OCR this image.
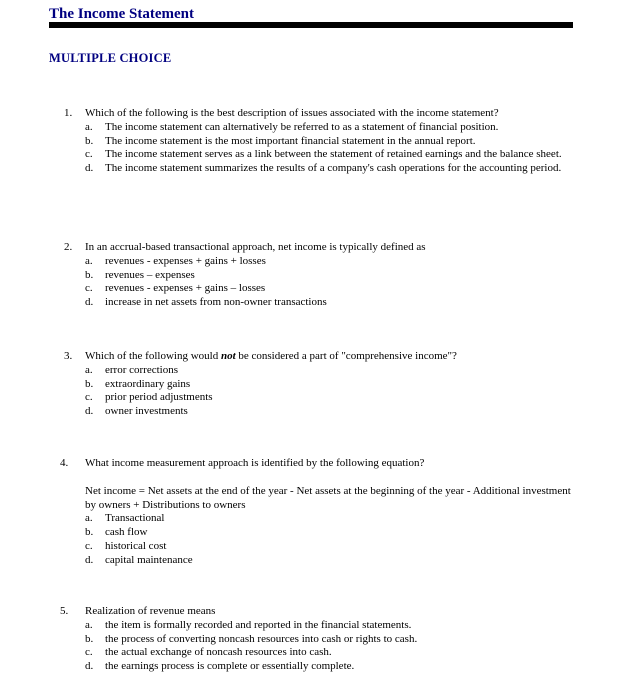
The Income Statement
MULTIPLE CHOICE
1. Which of the following is the best description of issues associated with the income statement?
a. The income statement can alternatively be referred to as a statement of financial position.
b. The income statement is the most important financial statement in the annual report.
c. The income statement serves as a link between the statement of retained earnings and the balance sheet.
d. The income statement summarizes the results of a company's cash operations for the accounting period.
2. In an accrual-based transactional approach, net income is typically defined as
a. revenues - expenses + gains + losses
b. revenues – expenses
c. revenues - expenses + gains – losses
d. increase in net assets from non-owner transactions
3. Which of the following would not be considered a part of "comprehensive income"?
a. error corrections
b. extraordinary gains
c. prior period adjustments
d. owner investments
4. What income measurement approach is identified by the following equation?
Net income = Net assets at the end of the year - Net assets at the beginning of the year - Additional investment by owners + Distributions to owners
a. Transactional
b. cash flow
c. historical cost
d. capital maintenance
5. Realization of revenue means
a. the item is formally recorded and reported in the financial statements.
b. the process of converting noncash resources into cash or rights to cash.
c. the actual exchange of noncash resources into cash.
d. the earnings process is complete or essentially complete.
